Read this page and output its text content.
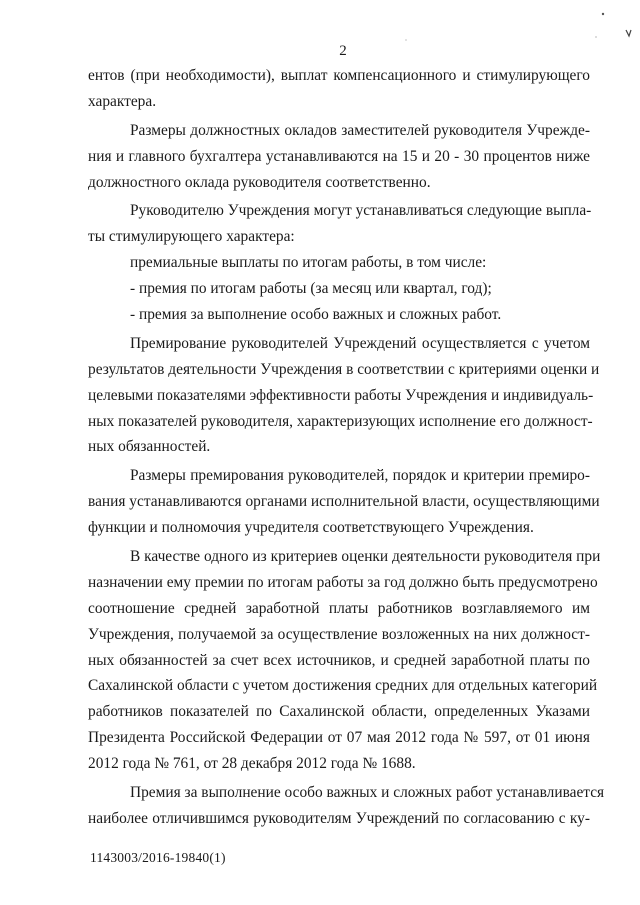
2
ентов (при необходимости), выплат компенсационного и стимулирующего
характера.
Размеры должностных окладов заместителей руководителя Учрежде-
ния и главного бухгалтера устанавливаются на 15 и 20 - 30 процентов ниже
должностного оклада руководителя соответственно.
Руководителю Учреждения могут устанавливаться следующие выпла-
ты стимулирующего характера:
премиальные выплаты по итогам работы, в том числе:
- премия по итогам работы (за месяц или квартал, год);
- премия за выполнение особо важных и сложных работ.
Премирование руководителей Учреждений осуществляется с учетом
результатов деятельности Учреждения в соответствии с критериями оценки и
целевыми показателями эффективности работы Учреждения и индивидуаль-
ных показателей руководителя, характеризующих исполнение его должност-
ных обязанностей.
Размеры премирования руководителей, порядок и критерии премиро-
вания устанавливаются органами исполнительной власти, осуществляющими
функции и полномочия учредителя соответствующего Учреждения.
В качестве одного из критериев оценки деятельности руководителя при
назначении ему премии по итогам работы за год должно быть предусмотрено
соотношение средней заработной платы работников возглавляемого им
Учреждения, получаемой за осуществление возложенных на них должност-
ных обязанностей за счет всех источников, и средней заработной платы по
Сахалинской области с учетом достижения средних для отдельных категорий
работников показателей по Сахалинской области, определенных Указами
Президента Российской Федерации от 07 мая 2012 года № 597, от 01 июня
2012 года № 761, от 28 декабря 2012 года № 1688.
Премия за выполнение особо важных и сложных работ устанавливается
наиболее отличившимся руководителям Учреждений по согласованию с ку-
1143003/2016-19840(1)
